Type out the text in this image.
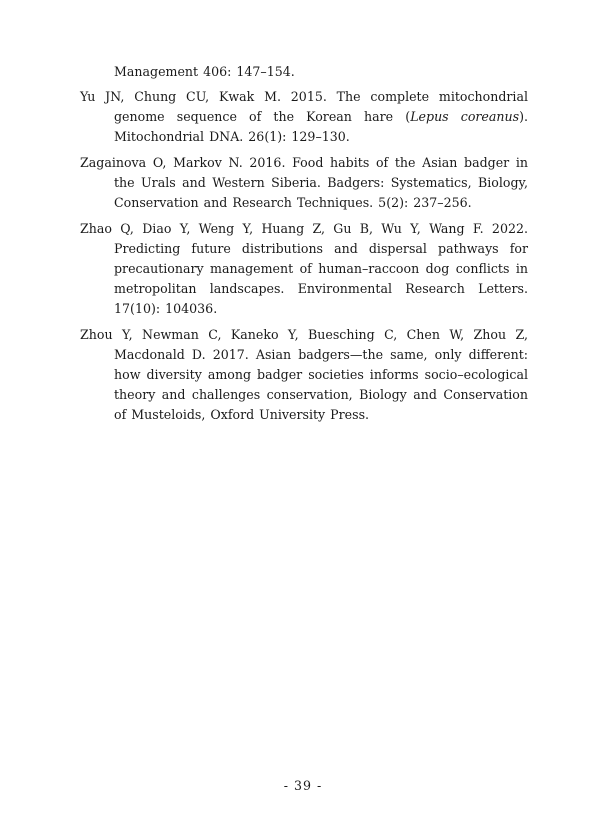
Management 406: 147–154.
Yu JN, Chung CU, Kwak M. 2015. The complete mitochondrial genome sequence of the Korean hare (Lepus coreanus). Mitochondrial DNA. 26(1): 129–130.
Zagainova O, Markov N. 2016. Food habits of the Asian badger in the Urals and Western Siberia. Badgers: Systematics, Biology, Conservation and Research Techniques. 5(2): 237–256.
Zhao Q, Diao Y, Weng Y, Huang Z, Gu B, Wu Y, Wang F. 2022. Predicting future distributions and dispersal pathways for precautionary management of human–raccoon dog conflicts in metropolitan landscapes. Environmental Research Letters. 17(10): 104036.
Zhou Y, Newman C, Kaneko Y, Buesching C, Chen W, Zhou Z, Macdonald D. 2017. Asian badgers—the same, only different: how diversity among badger societies informs socio–ecological theory and challenges conservation, Biology and Conservation of Musteloids, Oxford University Press.
- 39 -
